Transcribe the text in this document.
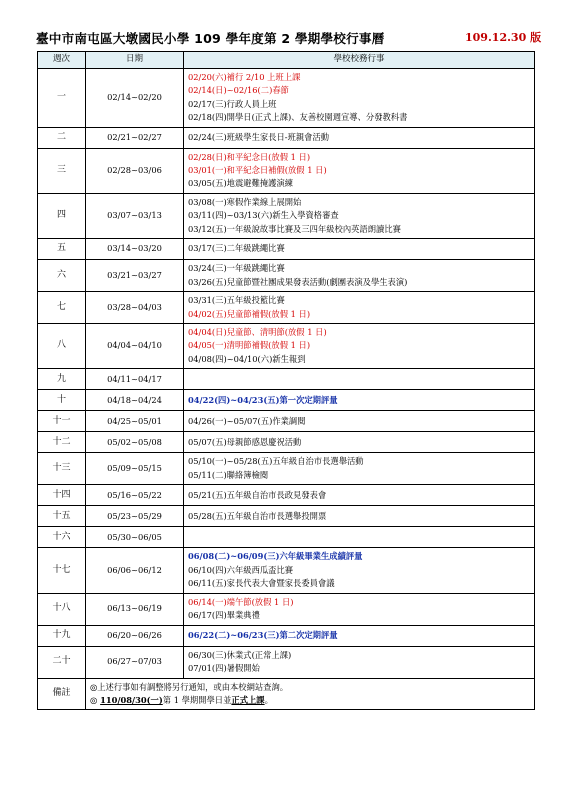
臺中市南屯區大墩國民小學 109 學年度第 2 學期學校行事曆	109.12.30 版
週次	日期	學校校務行事
一	02/14~02/20	02/20(六)補行 2/10 上班上課
02/14(日)~02/16(二)春節
02/17(三)行政人員上班
02/18(四)開學日(正式上課)、友善校園週宣導、分發教科書

二	02/21~02/27	02/24(三)班級學生家長日-班親會活動

三	02/28~03/06	02/28(日)和平紀念日(放假 1 日)
03/01(一)和平紀念日補假(放假 1 日)
03/05(五)地震避難掩護演練

四	03/07~03/13	03/08(一)寒假作業線上展開始
03/11(四)~03/13(六)新生入學資格審查
03/12(五)一年級說故事比賽及三四年級校內英語朗讀比賽

五	03/14~03/20	03/17(三)二年級跳繩比賽

六	03/21~03/27	03/24(三)一年級跳繩比賽
03/26(五)兒童節暨社團成果發表活動(劇團表演及學生表演)

七	03/28~04/03	03/31(三)五年級投籃比賽
04/02(五)兒童節補假(放假 1 日)

八	04/04~04/10	04/04(日)兒童節、清明節(放假 1 日)
04/05(一)清明節補假(放假 1 日)
04/08(四)~04/10(六)新生報到

九	04/11~04/17	
十	04/18~04/24	04/22(四)~04/23(五)第一次定期評量

十一	04/25~05/01	04/26(一)~05/07(五)作業調閱

十二	05/02~05/08	05/07(五)母親節感恩慶祝活動

十三	05/09~05/15	05/10(一)~05/28(五)五年級自治市長選舉活動
05/11(二)聯絡簿檢閱

十四	05/16~05/22	05/21(五)五年級自治市長政見發表會

十五	05/23~05/29	05/28(五)五年級自治市長選舉投開票

十六	05/30~06/05	
十七	06/06~06/12	06/08(二)~06/09(三)六年級畢業生成績評量
06/10(四)六年級西瓜盃比賽
06/11(五)家長代表大會暨家長委員會議

十八	06/13~06/19	06/14(一)端午節(放假 1 日)
06/17(四)畢業典禮

十九	06/20~06/26	06/22(二)~06/23(三)第二次定期評量

二十	06/27~07/03	06/30(三)休業式(正常上課)
07/01(四)暑假開始

備註	◎上述行事如有調整將另行通知，或由本校網站查詢。
◎ 110/08/30(一)第 1 學期開學日並正式上課。	
